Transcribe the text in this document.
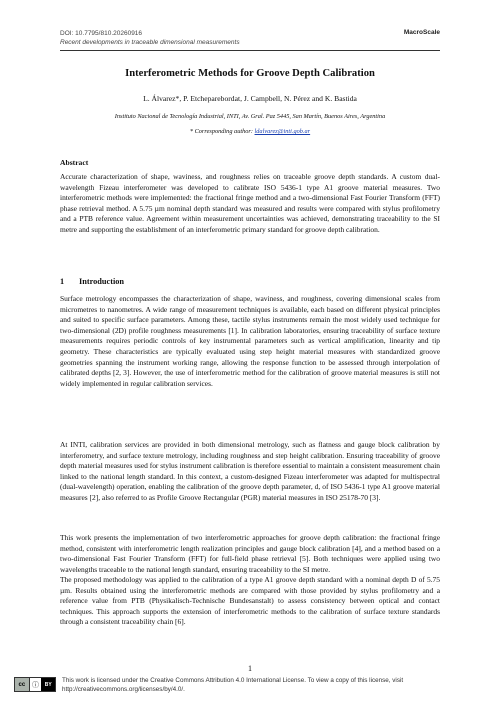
DOI: 10.7795/810.20260916
Recent developments in traceable dimensional measurements
MacroScale
Interferometric Methods for Groove Depth Calibration
L. Álvarez*, P. Etcheparebordat, J. Campbell, N. Pérez and K. Bastida
Instituto Nacional de Tecnología Industrial, INTI, Av. Gral. Paz 5445, San Martín, Buenos Aires, Argentina
* Corresponding author: ldalvarez@inti.gob.ar
Abstract

Accurate characterization of shape, waviness, and roughness relies on traceable groove depth standards. A custom dual-wavelength Fizeau interferometer was developed to calibrate ISO 5436-1 type A1 groove material measures. Two interferometric methods were implemented: the fractional fringe method and a two-dimensional Fast Fourier Transform (FFT) phase retrieval method. A 5.75 µm nominal depth standard was measured and results were compared with stylus profilometry and a PTB reference value. Agreement within measurement uncertainties was achieved, demonstrating traceability to the SI metre and supporting the establishment of an interferometric primary standard for groove depth calibration.

1 Introduction

Surface metrology encompasses the characterization of shape, waviness, and roughness, covering dimensional scales from micrometres to nanometres. A wide range of measurement techniques is available, each based on different physical principles and suited to specific surface parameters. Among these, tactile stylus instruments remain the most widely used technique for two-dimensional (2D) profile roughness measurements [1]. In calibration laboratories, ensuring traceability of surface texture measurements requires periodic controls of key instrumental parameters such as vertical amplification, linearity and tip geometry. These characteristics are typically evaluated using step height material measures with standardized groove geometries spanning the instrument working range, allowing the response function to be assessed through interpolation of calibrated depths [2, 3]. However, the use of interferometric method for the calibration of groove material measures is still not widely implemented in regular calibration services.

At INTI, calibration services are provided in both dimensional metrology, such as flatness and gauge block calibration by interferometry, and surface texture metrology, including roughness and step height calibration. Ensuring traceability of groove depth material measures used for stylus instrument calibration is therefore essential to maintain a consistent measurement chain linked to the national length standard. In this context, a custom-designed Fizeau interferometer was adapted for multispectral (dual-wavelength) operation, enabling the calibration of the groove depth parameter, d, of ISO 5436-1 type A1 groove material measures [2], also referred to as Profile Groove Rectangular (PGR) material measures in ISO 25178-70 [3].

This work presents the implementation of two interferometric approaches for groove depth calibration: the fractional fringe method, consistent with interferometric length realization principles and gauge block calibration [4], and a method based on a two-dimensional Fast Fourier Transform (FFT) for full-field phase retrieval [5]. Both techniques were applied using two wavelengths traceable to the national length standard, ensuring traceability to the SI metre.

The proposed methodology was applied to the calibration of a type A1 groove depth standard with a nominal depth D of 5.75 µm. Results obtained using the interferometric methods are compared with those provided by stylus profilometry and a reference value from PTB (Physikalisch-Technische Bundesanstalt) to assess consistency between optical and contact techniques. This approach supports the extension of interferometric methods to the calibration of surface texture standards through a consistent traceability chain [6].

1
cc ⓘ	BY

This work is licensed under the Creative Commons Attribution 4.0 International License. To view a copy of this license, visit http://creativecommons.org/licenses/by/4.0/.
